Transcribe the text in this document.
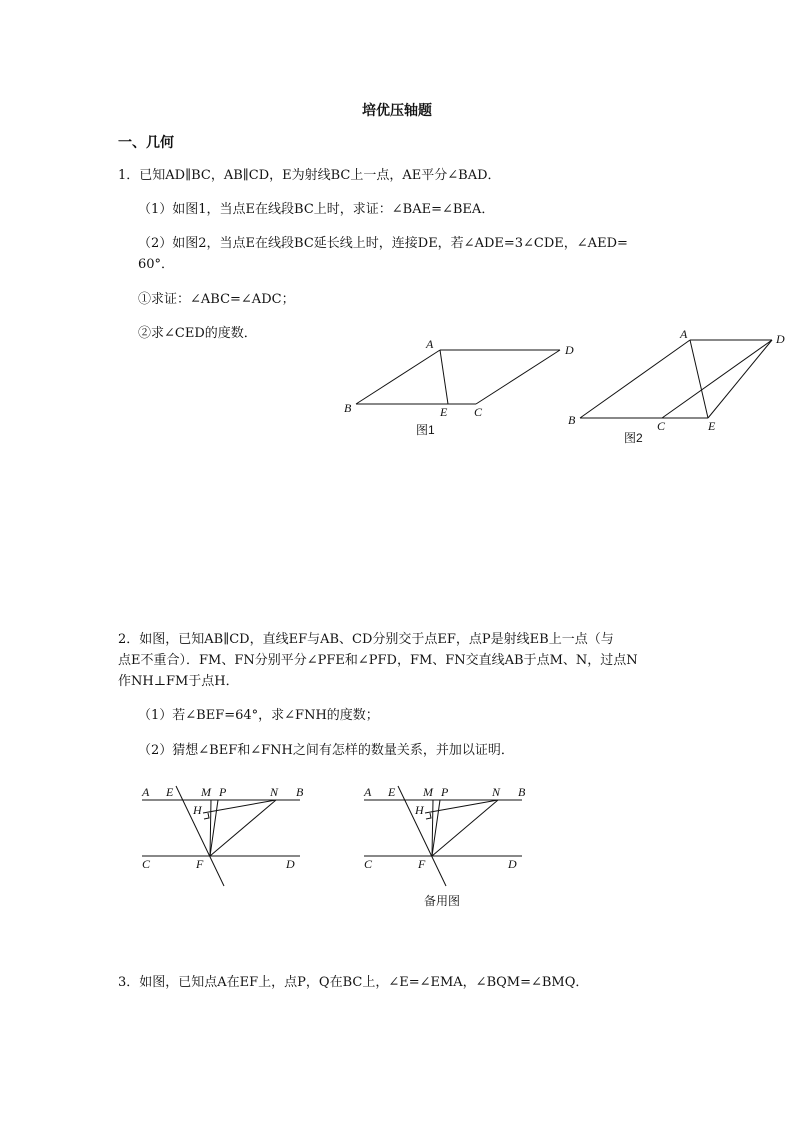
培优压轴题
一、几何
1．已知AD∥BC，AB∥CD，E为射线BC上一点，AE平分∠BAD．
（1）如图1，当点E在线段BC上时，求证：∠BAE=∠BEA．
（2）如图2，当点E在线段BC延长线上时，连接DE，若∠ADE=3∠CDE，∠AED=
60°．
①求证：∠ABC=∠ADC；
②求∠CED的度数．
A	D
B	E C
图1
A	D
B	C	E
图2
2．如图，已知AB∥CD，直线EF与AB、CD分别交于点EF，点P是射线EB上一点（与
点E不重合）．FM、FN分别平分∠PFE和∠PFD，FM、FN交直线AB于点M、N，过点N
作NH⊥FM于点H．
（1）若∠BEF=64°，求∠FNH的度数；
（2）猜想∠BEF和∠FNH之间有怎样的数量关系，并加以证明．
A E M P	N B
H
C	F	D
A E M P	N B
H
C	F	D
备用图
3．如图，已知点A在EF上，点P，Q在BC上，∠E=∠EMA，∠BQM=∠BMQ．
